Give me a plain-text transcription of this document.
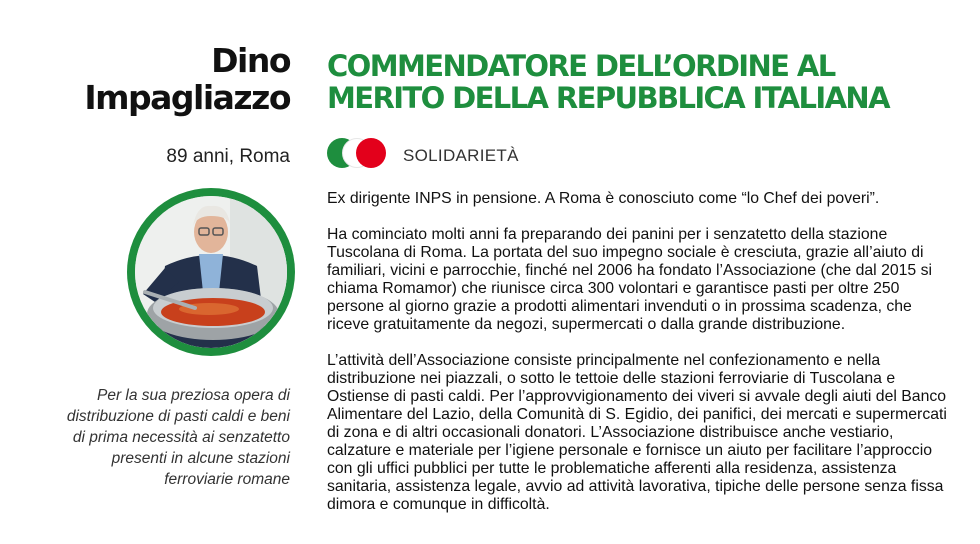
Dino
Impagliazzo
89 anni, Roma
Per la sua preziosa opera di
distribuzione di pasti caldi e beni
di prima necessità ai senzatetto
presenti in alcune stazioni
ferroviarie romane
COMMENDATORE DELL’ORDINE AL
MERITO DELLA REPUBBLICA ITALIANA
SOLIDARIETÀ

Ex dirigente INPS in pensione. A Roma è conosciuto come “lo Chef dei poveri”.

Ha cominciato molti anni fa preparando dei panini per i senzatetto della stazione Tuscolana di Roma. La portata del suo impegno sociale è cresciuta, grazie all’aiuto di familiari, vicini e parrocchie, finché nel 2006 ha fondato l’Associazione (che dal 2015 si chiama Romamor) che riunisce circa 300 volontari e garantisce pasti per oltre 250 persone al giorno grazie a prodotti alimentari invenduti o in prossima scadenza, che riceve gratuitamente da negozi, supermercati o dalla grande distribuzione.

L’attività dell’Associazione consiste principalmente nel confezionamento e nella distribuzione nei piazzali, o sotto le tettoie delle stazioni ferroviarie di Tuscolana e Ostiense di pasti caldi. Per l’approvvigionamento dei viveri si avvale degli aiuti del Banco Alimentare del Lazio, della Comunità di S. Egidio, dei panifici, dei mercati e supermercati di zona e di altri occasionali donatori. L’Associazione distribuisce anche vestiario, calzature e materiale per l’igiene personale e fornisce un aiuto per facilitare l’approccio con gli uffici pubblici per tutte le problematiche afferenti alla residenza, assistenza sanitaria, assistenza legale, avvio ad attività lavorativa, tipiche delle persone senza fissa dimora e comunque in difficoltà.
